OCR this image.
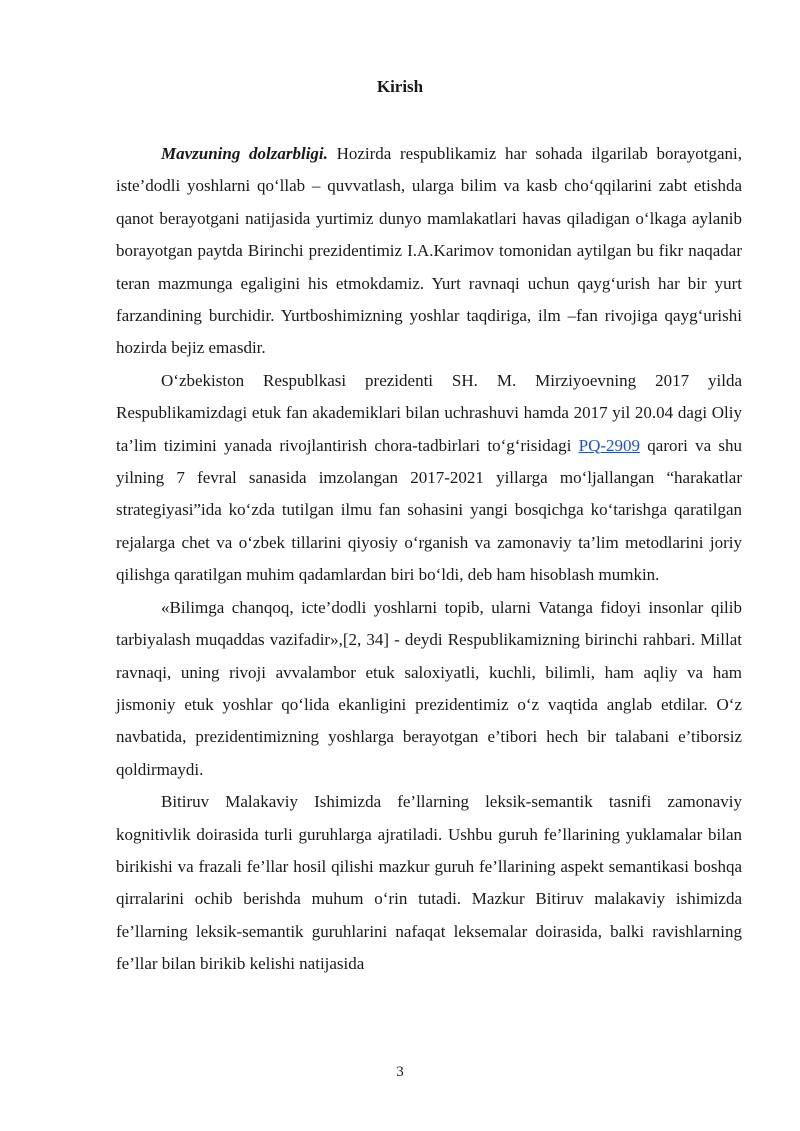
Kirish

Mavzuning dolzarbligi. Hozirda respublikamiz har sohada ilgarilab borayotgani, iste’dodli yoshlarni qo‘llab – quvvatlash, ularga bilim va kasb cho‘qqilarini zabt etishda qanot berayotgani natijasida yurtimiz dunyo mamlakatlari havas qiladigan o‘lkaga aylanib borayotgan paytda Birinchi prezidentimiz I.A.Karimov tomonidan aytilgan bu fikr naqadar teran mazmunga egaligini his etmokdamiz. Yurt ravnaqi uchun qayg‘urish har bir yurt farzandining burchidir. Yurtboshimizning yoshlar taqdiriga, ilm –fan rivojiga qayg‘urishi hozirda bejiz emasdir.

O‘zbekiston Respublkasi prezidenti SH. M. Mirziyoevning 2017 yilda Respublikamizdagi etuk fan akademiklari bilan uchrashuvi hamda 2017 yil 20.04 dagi Oliy ta’lim tizimini yanada rivojlantirish chora-tadbirlari to‘g‘risidagi PQ-2909 qarori va shu yilning 7 fevral sanasida imzolangan 2017-2021 yillarga mo‘ljallangan “harakatlar strategiyasi”ida ko‘zda tutilgan ilmu fan sohasini yangi bosqichga ko‘tarishga qaratilgan rejalarga chet va o‘zbek tillarini qiyosiy o‘rganish va zamonaviy ta’lim metodlarini joriy qilishga qaratilgan muhim qadamlardan biri bo‘ldi, deb ham hisoblash mumkin.

«Bilimga chanqoq, icte’dodli yoshlarni topib, ularni Vatanga fidoyi insonlar qilib tarbiyalash muqaddas vazifadir»,[2, 34] - deydi Respublikamizning birinchi rahbari. Millat ravnaqi, uning rivoji avvalambor etuk saloxiyatli, kuchli, bilimli, ham aqliy va ham jismoniy etuk yoshlar qo‘lida ekanligini prezidentimiz o‘z vaqtida anglab etdilar. O‘z navbatida, prezidentimizning yoshlarga berayotgan e’tibori hech bir talabani e’tiborsiz qoldirmaydi.

Bitiruv Malakaviy Ishimizda fe’llarning leksik-semantik tasnifi zamonaviy kognitivlik doirasida turli guruhlarga ajratiladi. Ushbu guruh fe’llarining yuklamalar bilan birikishi va frazali fe’llar hosil qilishi mazkur guruh fe’llarining aspekt semantikasi boshqa qirralarini ochib berishda muhum o‘rin tutadi. Mazkur Bitiruv malakaviy ishimizda fe’llarning leksik-semantik guruhlarini nafaqat leksemalar doirasida, balki ravishlarning fe’llar bilan birikib kelishi natijasida

3
